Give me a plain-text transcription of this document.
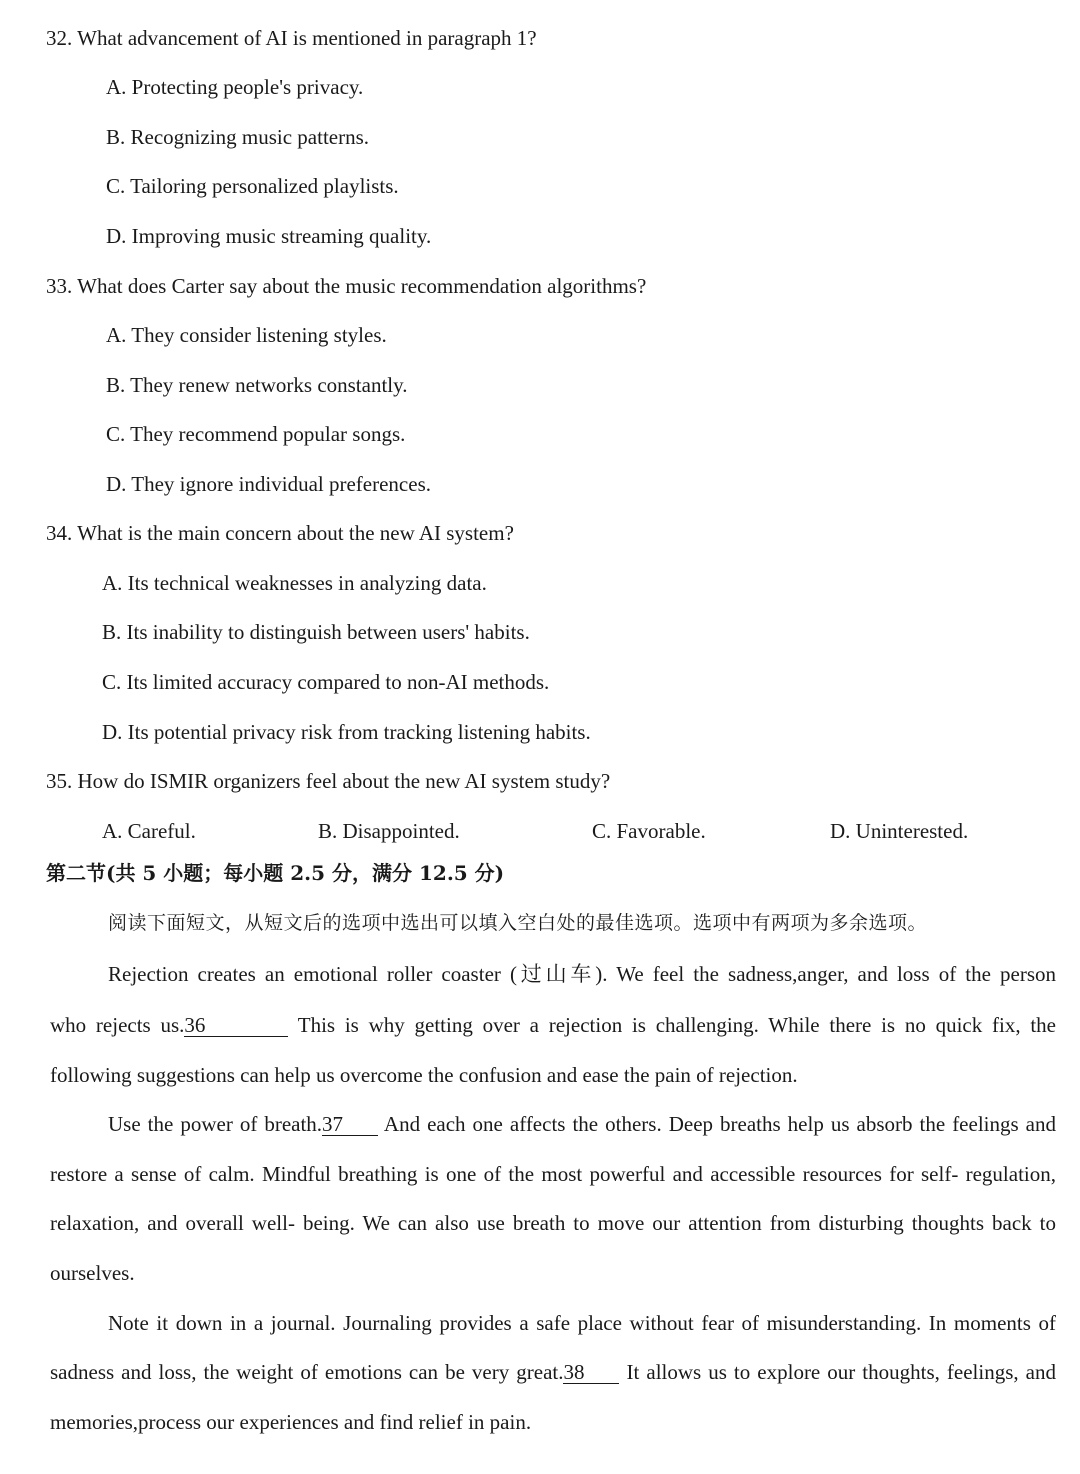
32. What advancement of AI is mentioned in paragraph 1?
A. Protecting people's privacy.
B. Recognizing music patterns.
C. Tailoring personalized playlists.
D. Improving music streaming quality.
33. What does Carter say about the music recommendation algorithms?
A. They consider listening styles.
B. They renew networks constantly.
C. They recommend popular songs.
D. They ignore individual preferences.
34. What is the main concern about the new AI system?
A. Its technical weaknesses in analyzing data.
B. Its inability to distinguish between users' habits.
C. Its limited accuracy compared to non-AI methods.
D. Its potential privacy risk from tracking listening habits.
35. How do ISMIR organizers feel about the new AI system study?
A. Careful.	B. Disappointed.	C. Favorable.	D. Uninterested.
第二节(共 5 小题；每小题 2.5 分，满分 12.5 分)
阅读下面短文，从短文后的选项中选出可以填入空白处的最佳选项。选项中有两项为多余选项。
Rejection creates an emotional roller coaster (过山车). We feel the sadness,anger, and loss of the person
who rejects us.36	This is why getting over a rejection is challenging. While there is no quick fix, the
following suggestions can help us overcome the confusion and ease the pain of rejection.
Use the power of breath.37 And each one affects the others. Deep breaths help us absorb the feelings and
restore a sense of calm. Mindful breathing is one of the most powerful and accessible resources for self- regulation,
relaxation, and overall well- being. We can also use breath to move our attention from disturbing thoughts back to
ourselves.
Note it down in a journal. Journaling provides a safe place without fear of misunderstanding. In moments of
sadness and loss, the weight of emotions can be very great.38 It allows us to explore our thoughts, feelings, and
memories,process our experiences and find relief in pain.
